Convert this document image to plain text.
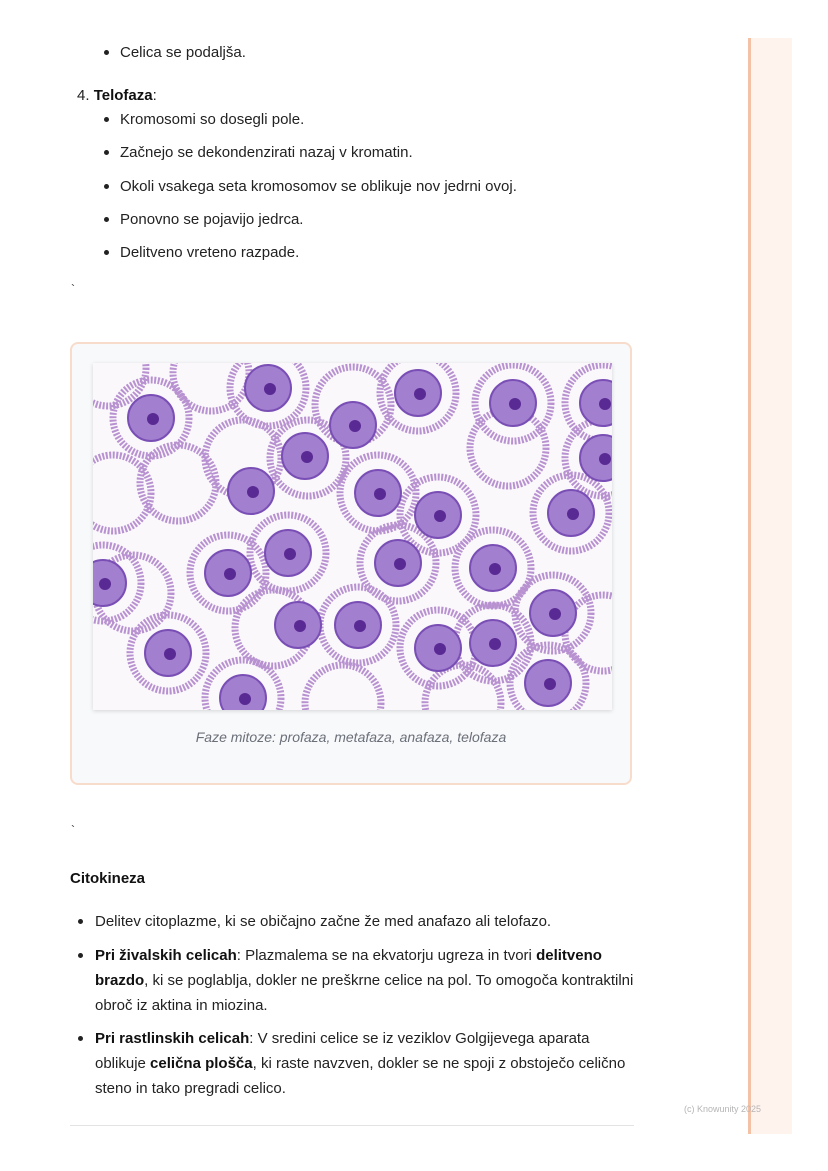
Celica se podaljša.
4. Telofaza:
Kromosomi so dosegli pole.
Začnejo se dekondenzirati nazaj v kromatin.
Okoli vsakega seta kromosomov se oblikuje nov jedrni ovoj.
Ponovno se pojavijo jedrca.
Delitveno vreteno razpade.
`
Faze mitoze: profaza, metafaza, anafaza, telofaza
`
Citokineza
Delitev citoplazme, ki se običajno začne že med anafazo ali telofazo.
Pri živalskih celicah: Plazmalema se na ekvatorju ugreza in tvori delitveno brazdo, ki se poglablja, dokler ne preškrne celice na pol. To omogoča kontraktilni obroč iz aktina in miozina.
Pri rastlinskih celicah: V sredini celice se iz veziklov Golgijevega aparata oblikuje celična plošča, ki raste navzven, dokler se ne spoji z obstoječo celično steno in tako pregradi celico.
(c) Knowunity 2025
